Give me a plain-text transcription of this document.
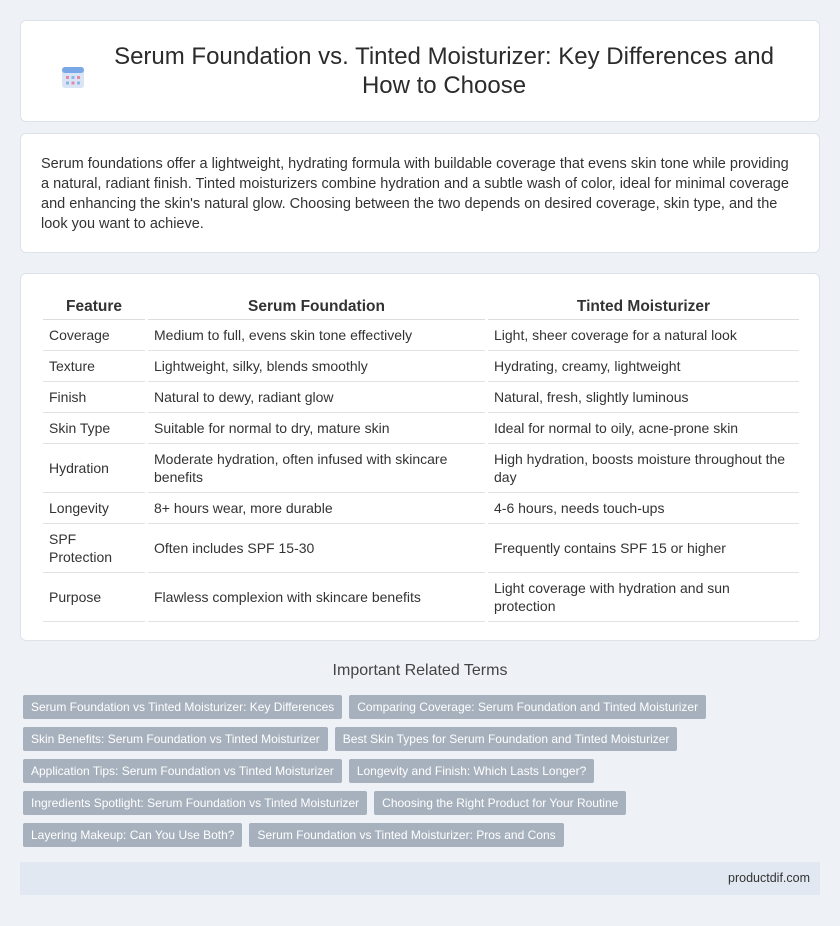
Serum Foundation vs. Tinted Moisturizer: Key Differences and How to Choose

Serum foundations offer a lightweight, hydrating formula with buildable coverage that evens skin tone while providing a natural, radiant finish. Tinted moisturizers combine hydration and a subtle wash of color, ideal for minimal coverage and enhancing the skin's natural glow. Choosing between the two depends on desired coverage, skin type, and the look you want to achieve.

Feature		Serum Foundation		Tinted Moisturizer
Coverage		Medium to full, evens skin tone effectively		Light, sheer coverage for a natural look
Texture		Lightweight, silky, blends smoothly		Hydrating, creamy, lightweight
Finish		Natural to dewy, radiant glow		Natural, fresh, slightly luminous
Skin Type		Suitable for normal to dry, mature skin		Ideal for normal to oily, acne-prone skin
Hydration		Moderate hydration, often infused with skincare benefits		High hydration, boosts moisture throughout the day
Longevity		8+ hours wear, more durable		4-6 hours, needs touch-ups
SPF Protection		Often includes SPF 15-30		Frequently contains SPF 15 or higher
Purpose		Flawless complexion with skincare benefits		Light coverage with hydration and sun protection
Important Related Terms
Serum Foundation vs Tinted Moisturizer: Key Differences	Comparing Coverage: Serum Foundation and Tinted Moisturizer
Skin Benefits: Serum Foundation vs Tinted Moisturizer	Best Skin Types for Serum Foundation and Tinted Moisturizer
Application Tips: Serum Foundation vs Tinted Moisturizer	Longevity and Finish: Which Lasts Longer?
Ingredients Spotlight: Serum Foundation vs Tinted Moisturizer	Choosing the Right Product for Your Routine
Layering Makeup: Can You Use Both?	Serum Foundation vs Tinted Moisturizer: Pros and Cons
productdif.com
